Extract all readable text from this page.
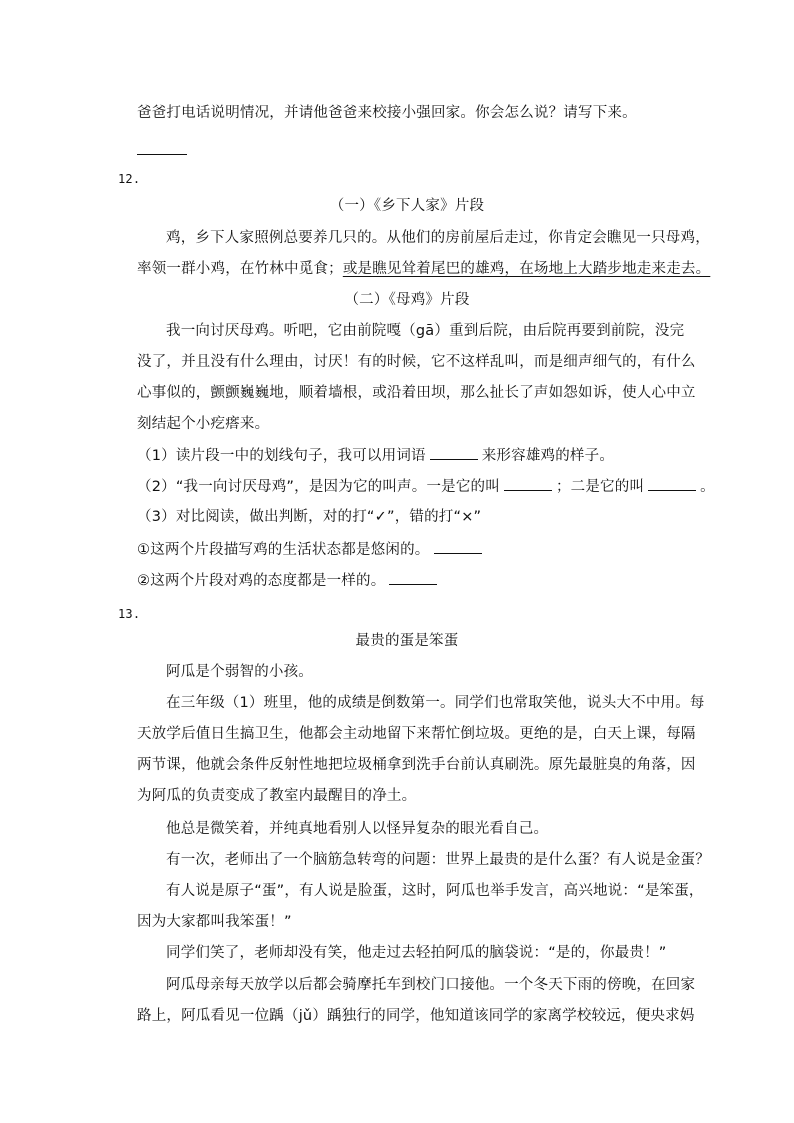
爸爸打电话说明情况，并请他爸爸来校接小强回家。你会怎么说？请写下来。
12.
（一）《乡下人家》片段
鸡，乡下人家照例总要养几只的。从他们的房前屋后走过，你肯定会瞧见一只母鸡，
率领一群小鸡，在竹林中觅食；或是瞧见耸着尾巴的雄鸡，在场地上大踏步地走来走去。
（二）《母鸡》片段
我一向讨厌母鸡。听吧，它由前院嘎（gā）重到后院，由后院再要到前院，没完
没了，并且没有什么理由，讨厌！有的时候，它不这样乱叫，而是细声细气的，有什么
心事似的，颤颤巍巍地，顺着墙根，或沿着田坝，那么扯长了声如怨如诉，使人心中立
刻结起个小疙瘩来。
（1）读片段一中的划线句子，我可以用词语	来形容雄鸡的样子。
（2）“我一向讨厌母鸡”，是因为它的叫声。一是它的叫	；二是它的叫	。
（3）对比阅读，做出判断，对的打“✓”，错的打“×”
①这两个片段描写鸡的生活状态都是悠闲的。
②这两个片段对鸡的态度都是一样的。
13.
最贵的蛋是笨蛋
阿瓜是个弱智的小孩。
在三年级（1）班里，他的成绩是倒数第一。同学们也常取笑他，说头大不中用。每
天放学后值日生搞卫生，他都会主动地留下来帮忙倒垃圾。更绝的是，白天上课，每隔
两节课，他就会条件反射性地把垃圾桶拿到洗手台前认真刷洗。原先最脏臭的角落，因
为阿瓜的负责变成了教室内最醒目的净土。
他总是微笑着，并纯真地看别人以怪异复杂的眼光看自己。
有一次，老师出了一个脑筋急转弯的问题：世界上最贵的是什么蛋？有人说是金蛋？
有人说是原子“蛋”，有人说是脸蛋，这时，阿瓜也举手发言，高兴地说：“是笨蛋，
因为大家都叫我笨蛋！”
同学们笑了，老师却没有笑，他走过去轻拍阿瓜的脑袋说：“是的，你最贵！”
阿瓜母亲每天放学以后都会骑摩托车到校门口接他。一个冬天下雨的傍晚，在回家
路上，阿瓜看见一位踽（jǔ）踽独行的同学，他知道该同学的家离学校较远，便央求妈
